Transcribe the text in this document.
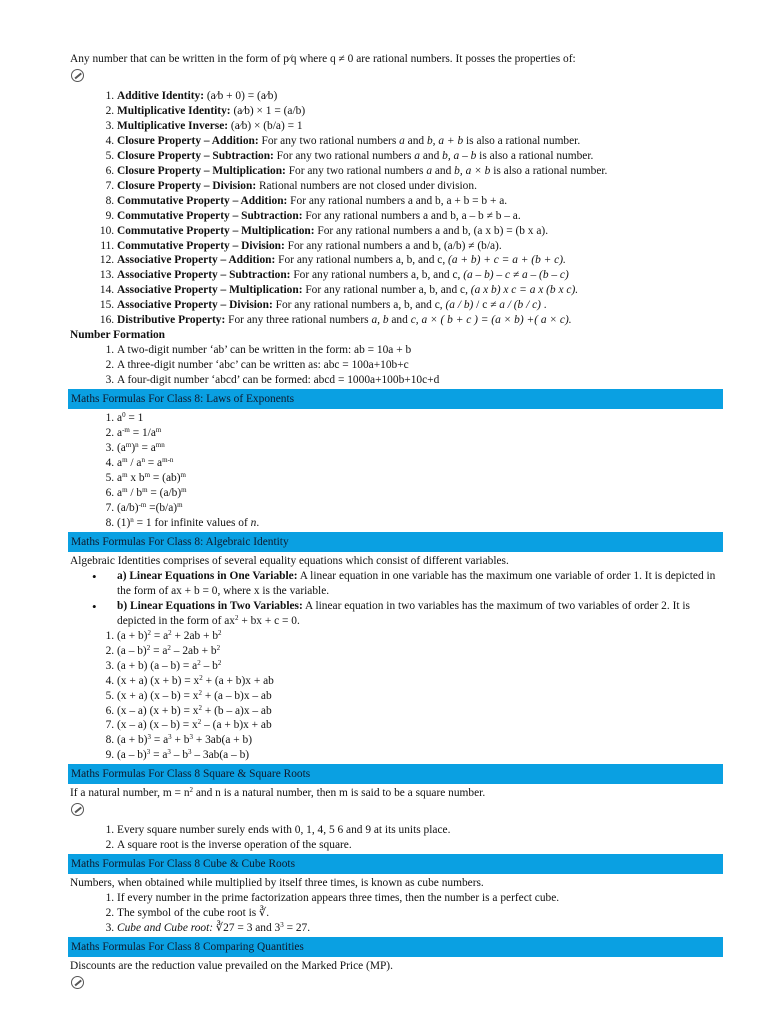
Any number that can be written in the form of p∕q where q ≠ 0 are rational numbers. It posses the properties of:

1. Additive Identity: (a∕b + 0) = (a∕b)
2. Multiplicative Identity: (a∕b) × 1 = (a/b)
3. Multiplicative Inverse: (a∕b) × (b/a) = 1
4. Closure Property – Addition: For any two rational numbers a and b, a + b is also a rational number.
5. Closure Property – Subtraction: For any two rational numbers a and b, a – b is also a rational number.
6. Closure Property – Multiplication: For any two rational numbers a and b, a × b is also a rational number.
7. Closure Property – Division: Rational numbers are not closed under division.
8. Commutative Property – Addition: For any rational numbers a and b, a + b = b + a.
9. Commutative Property – Subtraction: For any rational numbers a and b, a – b ≠ b – a.
10. Commutative Property – Multiplication: For any rational numbers a and b, (a x b) = (b x a).
11. Commutative Property – Division: For any rational numbers a and b, (a/b) ≠ (b/a).
12. Associative Property – Addition: For any rational numbers a, b, and c, (a + b) + c = a + (b + c).
13. Associative Property – Subtraction: For any rational numbers a, b, and c, (a – b) – c ≠ a – (b – c)
14. Associative Property – Multiplication: For any rational number a, b, and c, (a x b) x c = a x (b x c).
15. Associative Property – Division: For any rational numbers a, b, and c, (a / b) / c ≠ a / (b / c) .
16. Distributive Property: For any three rational numbers a, b and c, a × ( b + c ) = (a × b) +( a × c).

Number Formation

1. A two-digit number ‘ab’ can be written in the form: ab = 10a + b
2. A three-digit number ‘abc’ can be written as: abc = 100a+10b+c
3. A four-digit number ‘abcd’ can be formed: abcd = 1000a+100b+10c+d
Maths Formulas For Class 8: Laws of Exponents
1. $a^0 = 1$
2. $a^{-m} = 1/a^m$
3. $(a^m)^n = a^{mn}$
4. $a^m / a^n = a^{m-n}$
5. $a^m$ x $b^m = (ab)^m$
6. $a^m / b^m = (a/b)^m$
7. $(a/b)^{-m} =(b/a)^m$
8. $(1)^n = 1$ for infinite values of n.
Maths Formulas For Class 8: Algebraic Identity

Algebraic Identities comprises of several equality equations which consist of different variables.

• a) Linear Equations in One Variable: A linear equation in one variable has the maximum one variable of order 1. It is depicted in the form of ax + b = 0, where x is the variable.
• b) Linear Equations in Two Variables: A linear equation in two variables has the maximum of two variables of order 2. It is depicted in the form of $ax^2$ + bx + c = 0.
1. $(a + b)^2 = a^2 + 2ab + b^2$
2. $(a - b)^2 = a^2 - 2ab + b^2$
3. (a + b) $(a - b) = a^2 - b^2$
4. (x + a) $(x + b) = x^2 + (a + b)x$ + ab
5. (x + a) $(x - b) = x^2 + (a - b)x$ – ab
6. (x – a) $(x + b) = x^2 + (b - a)x$ – ab
7. (x – a) $(x - b) = x^2 - (a + b)x$ + ab
8. $(a + b)^3 = a^3 + b^3 + 3ab(a + b)$
9. $(a - b)^3 = a^3 - b^3 - 3ab(a - b)$
Maths Formulas For Class 8 Square & Square Roots

If a natural number, $m = n^2$ and n is a natural number, then m is said to be a square number.

1. Every square number surely ends with 0, 1, 4, 5 6 and 9 at its units place.
2. A square root is the inverse operation of the square.
Maths Formulas For Class 8 Cube & Cube Roots

Numbers, when obtained while multiplied by itself three times, is known as cube numbers.

1. If every number in the prime factorization appears three times, then the number is a perfect cube.
2. The symbol of the cube root is ∛.
3. Cube and Cube root: ∛27 = 3 and $3^3 = 27$.
Maths Formulas For Class 8 Comparing Quantities

Discounts are the reduction value prevailed on the Marked Price (MP).
